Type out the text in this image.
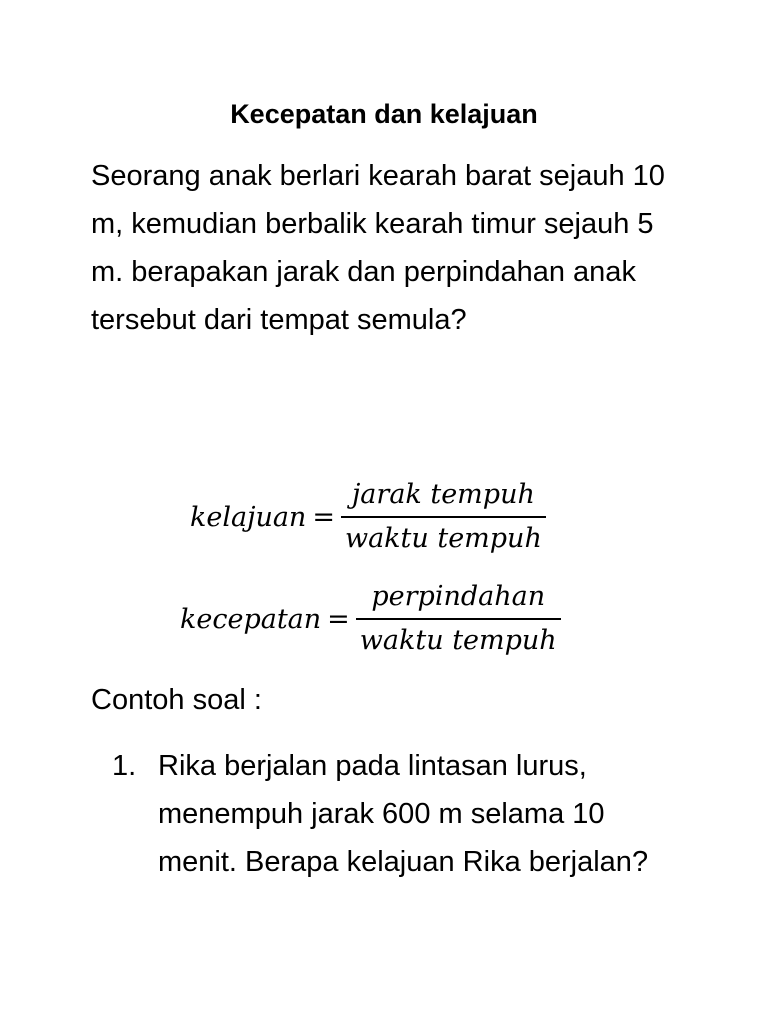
Kecepatan dan kelajuan

Seorang anak berlari kearah barat sejauh 10 m, kemudian berbalik kearah timur sejauh 5 m. berapakan jarak dan perpindahan anak tersebut dari tempat semula?

kelajuan = $\frac{\text{jarak tempuh}}{\text{waktu tempuh}}$
kecepatan = $\frac{\text{perpindahan}}{\text{waktu tempuh}}$
Contoh soal :
1. Rika berjalan pada lintasan lurus, menempuh jarak 600 m selama 10 menit. Berapa kelajuan Rika berjalan?
